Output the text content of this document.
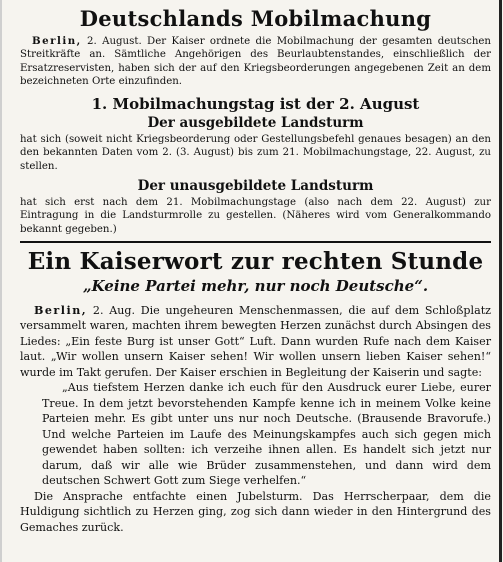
Deutschlands Mobilmachung

Berlin, 2. August. Der Kaiser ordnete die Mobilmachung der gesamten deutschen Streitkräfte an. Sämtliche Angehörigen des Beurlaubtenstandes, einschließlich der Ersatzreservisten, haben sich der auf den Kriegsbeorderungen angegebenen Zeit an dem bezeichneten Orte einzufinden.

1. Mobilmachungstag ist der 2. August
Der ausgebildete Landsturm

hat sich (soweit nicht Kriegsbeorderung oder Gestellungsbefehl genaues besagen) an den den bekannten Daten vom 2. (3. August) bis zum 21. Mobilmachungstage, 22. August, zu stellen.

Der unausgebildete Landsturm

hat sich erst nach dem 21. Mobilmachungstage (also nach dem 22. August) zur Eintragung in die Landsturmrolle zu gestellen. (Näheres wird vom Generalkommando bekannt gegeben.)

Ein Kaiserwort zur rechten Stunde
„Keine Partei mehr, nur noch Deutsche“.

Berlin, 2. Aug. Die ungeheuren Menschenmassen, die auf dem Schloßplatz versammelt waren, machten ihrem bewegten Herzen zunächst durch Absingen des Liedes: „Ein feste Burg ist unser Gott“ Luft. Dann wurden Rufe nach dem Kaiser laut. „Wir wollen unsern Kaiser sehen! Wir wollen unsern lieben Kaiser sehen!“ wurde im Takt gerufen. Der Kaiser erschien in Begleitung der Kaiserin und sagte:

„Aus tiefstem Herzen danke ich euch für den Ausdruck eurer Liebe, eurer Treue. In dem jetzt bevorstehenden Kampfe kenne ich in meinem Volke keine Parteien mehr. Es gibt unter uns nur noch Deutsche. (Brausende Bravorufe.) Und welche Parteien im Laufe des Meinungskampfes auch sich gegen mich gewendet haben sollten: ich verzeihe ihnen allen. Es handelt sich jetzt nur darum, daß wir alle wie Brüder zusammenstehen, und dann wird dem deutschen Schwert Gott zum Siege verhelfen.“

Die Ansprache entfachte einen Jubelsturm. Das Herrscherpaar, dem die Huldigung sichtlich zu Herzen ging, zog sich dann wieder in den Hintergrund des Gemaches zurück.
